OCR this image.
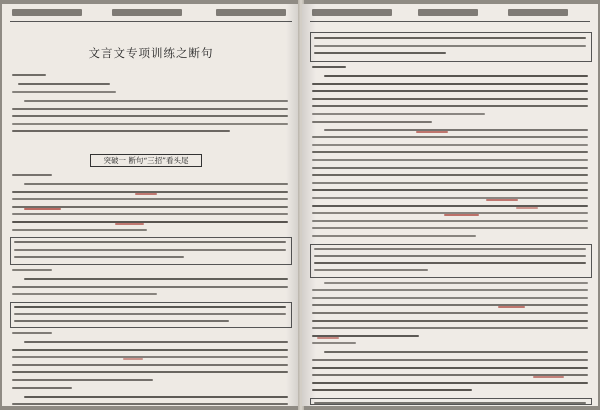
文言文专项训练之断句
突破一 断句“三招”看头尾
